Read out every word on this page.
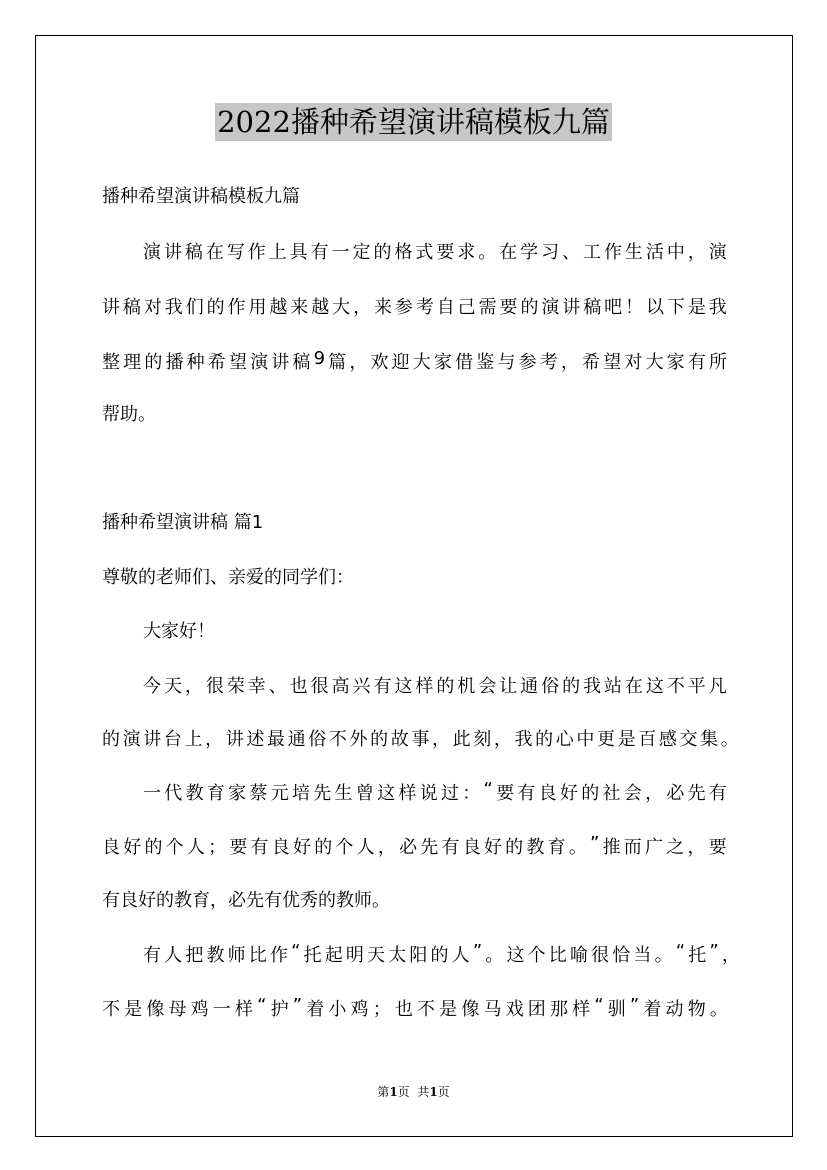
2022播种希望演讲稿模板九篇
播种希望演讲稿模板九篇
演 讲 稿 在 写 作 上 具 有 一 定 的 格 式 要 求 。 在 学 习 、 工 作 生 活 中 ， 演
讲 稿 对 我 们 的 作 用 越 来 越 大 ， 来 参 考 自 己 需 要 的 演 讲 稿 吧 ！ 以 下 是 我
整 理 的 播 种 希 望 演 讲 稿 9 篇 ， 欢 迎 大 家 借 鉴 与 参 考 ， 希 望 对 大 家 有 所
帮助。
播种希望演讲稿 篇1
尊敬的老师们、亲爱的同学们：
大家好！
今 天 ， 很 荣 幸 、 也 很 高 兴 有 这 样 的 机 会 让 通 俗 的 我 站 在 这 不 平 凡
的 演 讲 台 上 ， 讲 述 最 通 俗 不 外 的 故 事 ， 此 刻 ， 我 的 心 中 更 是 百 感 交 集 。
一 代 教 育 家 蔡 元 培 先 生 曾 这 样 说 过 ： “ 要 有 良 好 的 社 会 ， 必 先 有
良 好 的 个 人 ； 要 有 良 好 的 个 人 ， 必 先 有 良 好 的 教 育 。 ” 推 而 广 之 ， 要
有良好的教育，必先有优秀的教师。
有 人 把 教 师 比 作 “ 托 起 明 天 太 阳 的 人 ” 。 这 个 比 喻 很 恰 当 。 “ 托 ” ，
不 是 像 母 鸡 一 样 “ 护 ” 着 小 鸡 ； 也 不 是 像 马 戏 团 那 样 “ 驯 ” 着 动 物 。
第1页  共1页
